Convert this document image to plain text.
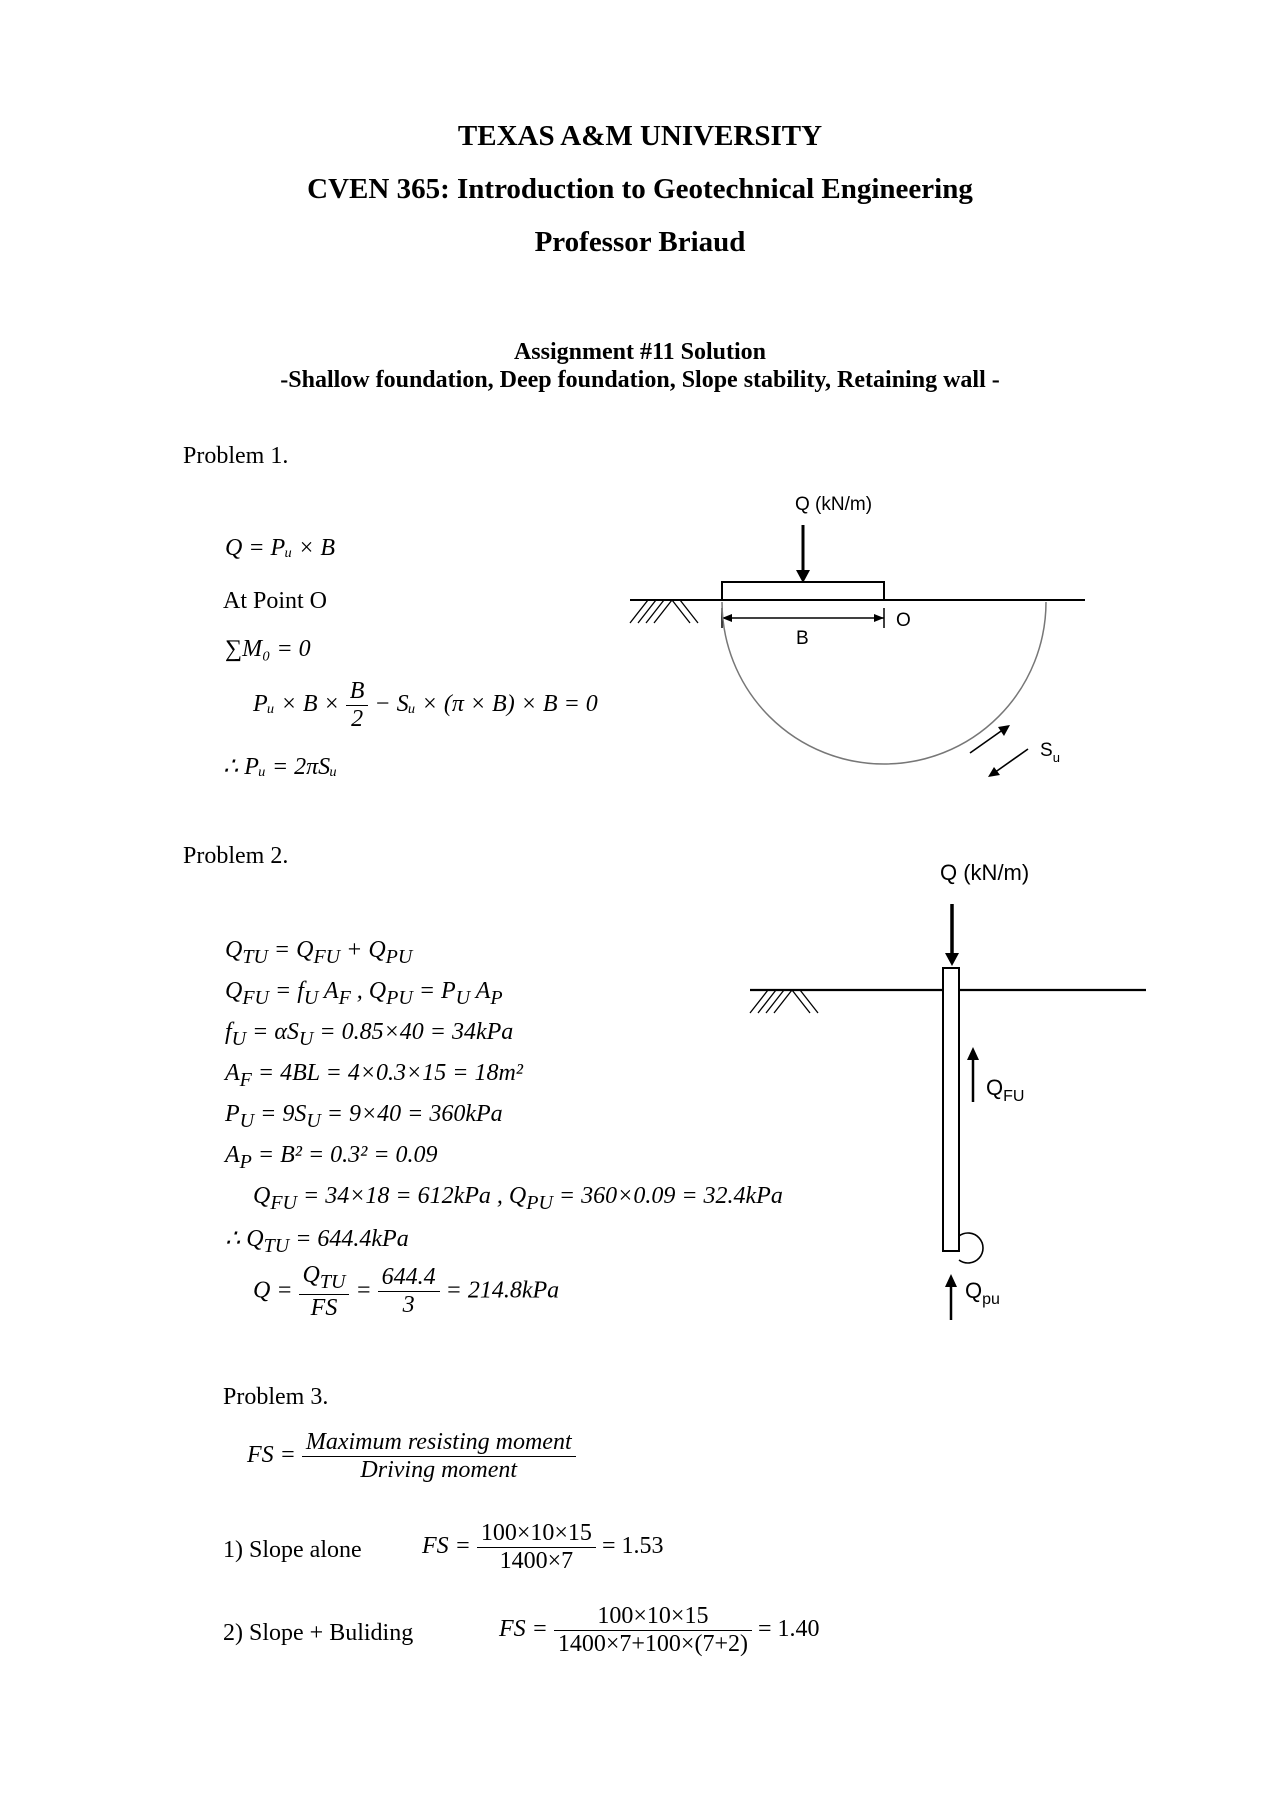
TEXAS A&M UNIVERSITY
CVEN 365: Introduction to Geotechnical Engineering
Professor Briaud
Assignment #11 Solution
-Shallow foundation, Deep foundation, Slope stability, Retaining wall -
Problem 1.
Q = Pᵤ × B
At Point O
∑M₀ = 0
Pᵤ × $B \times \frac{B}{2}$ − Sᵤ × (π × B) × B = 0
∴ Pᵤ = 2πSᵤ
Q (kN/m)
B
O
$S_u$
Problem 2.
$Q_{TU} = Q_{FU} + Q_{PU}$
$Q_{FU} = f_U$ $A_F$ , $Q_{PU} = P_U$ $A_P$
$f_U = \alpha S_U = 0.85\times 40 = 34kPa$
$A_F = 4BL = 4\times 0.3\times 15 = 18m^2$
$P_U = 9S_U = 9\times 40 = 360kPa$
$A_P = B^2 = 0.3^2 = 0.09$
$Q_{FU} = 34\times 18 = 612kPa$ , $Q_{PU} = 360\times 0.09 = 32.4kPa$
∴ $Q_{TU} = 644.4kPa$
$Q = \frac{Q_{TU}}{FS} = \frac{644.4}{3} = 214.8kPa$
Q (kN/m)
$Q_{FU}$
$Q_{pu}$
Problem 3.
FS = $\frac{\text{Maximum resisting moment}}{\text{Driving moment}}$
1) Slope alone	FS = $\frac{100\times 10\times 15}{1400\times 7} = 1.53$
2) Slope + Buliding	FS = $\frac{100\times 10\times 15}{1400\times 7+100\times(7+2)} = 1.40$
